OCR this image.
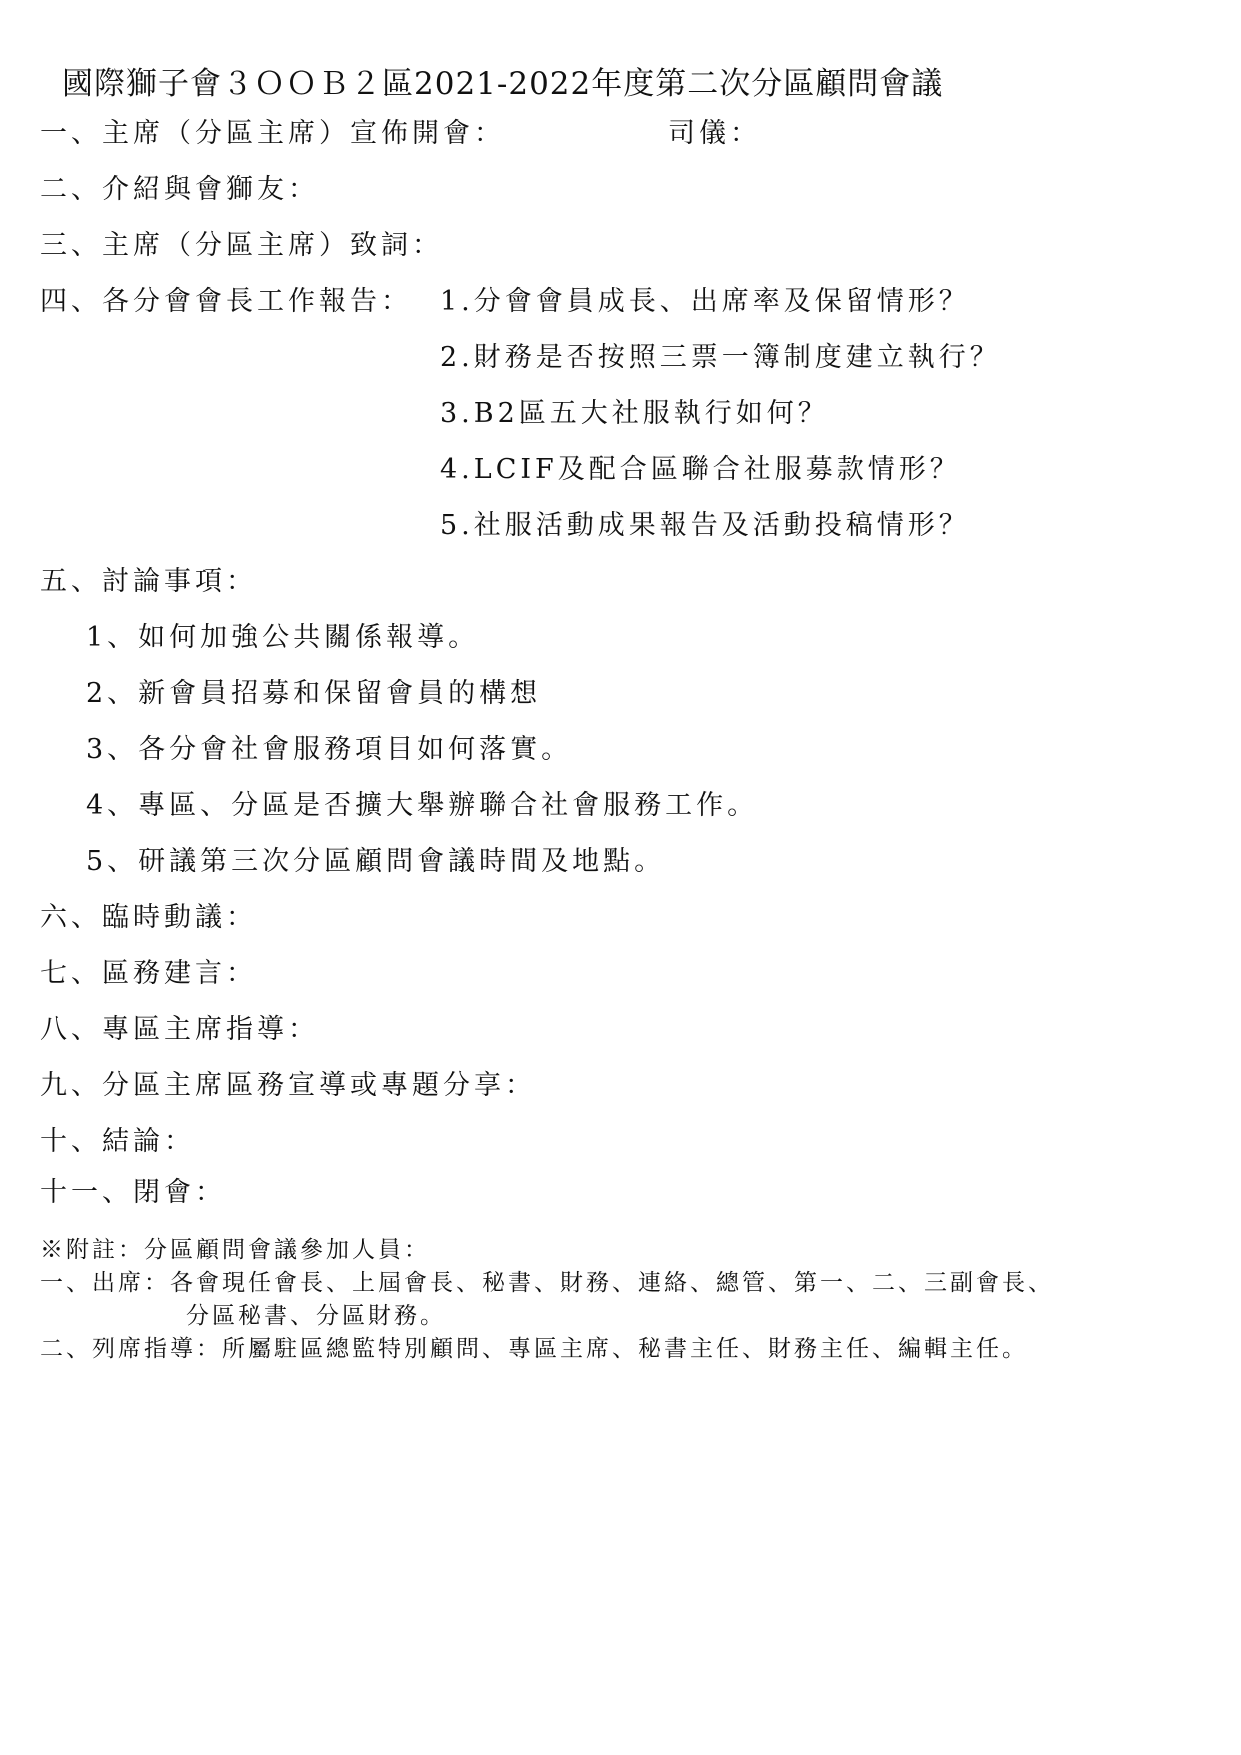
國際獅子會３ＯＯＢ２區2021-2022年度第二次分區顧問會議
一、主席（分區主席）宣佈開會：	司儀：
二、介紹與會獅友：
三、主席（分區主席）致詞：
四、各分會會長工作報告： 1.分會會員成長、出席率及保留情形？
2.財務是否按照三票一簿制度建立執行？
3.B2區五大社服執行如何？
4.LCIF及配合區聯合社服募款情形？
5.社服活動成果報告及活動投稿情形？
五、討論事項：
1、如何加強公共關係報導。
2、新會員招募和保留會員的構想
3、各分會社會服務項目如何落實。
4、專區、分區是否擴大舉辦聯合社會服務工作。
5、研議第三次分區顧問會議時間及地點。
六、臨時動議：
七、區務建言：
八、專區主席指導：
九、分區主席區務宣導或專題分享：
十、結論：
十一、閉會：
※附註：分區顧問會議參加人員：
一、出席：各會現任會長、上屆會長、秘書、財務、連絡、總管、第一、二、三副會長、
分區秘書、分區財務。
二、列席指導：所屬駐區總監特別顧問、專區主席、秘書主任、財務主任、編輯主任。
